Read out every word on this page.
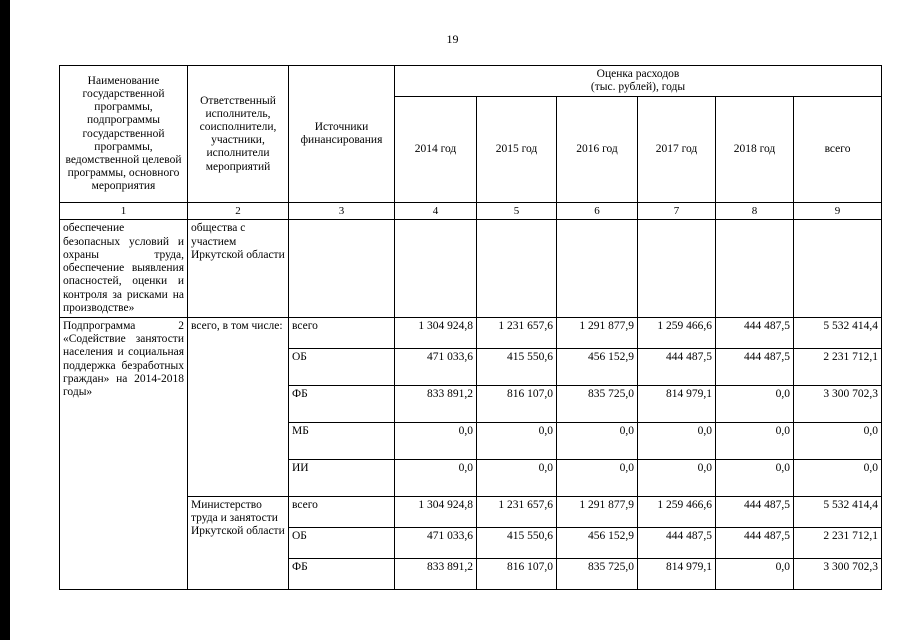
19
Наименование государственной программы, подпрограммы государственной программы, ведомственной целевой программы, основного мероприятия	Ответственный исполнитель, соисполнители, участники, исполнители мероприятий	Источники финансирования	Оценка расходов
(тыс. рублей), годы					

			2014 год	2015 год	2016 год	2017 год	2018 год	всего
1	2	3	4	5	6	7	8	9
обеспечение безопасных условий и охраны труда, обеспечение выявления опасностей, оценки и контроля за рисками на производстве»	общества с участием Иркутской области							
Подпрограмма 2 «Содействие занятости населения и социальная поддержка безработных граждан» на 2014-2018 годы»	всего, в том числе:	всего	1 304 924,8	1 231 657,6	1 291 877,9	1 259 466,6	444 487,5	5 532 414,4
		ОБ	471 033,6	415 550,6	456 152,9	444 487,5	444 487,5	2 231 712,1
		ФБ	833 891,2	816 107,0	835 725,0	814 979,1	0,0	3 300 702,3
		МБ	0,0	0,0	0,0	0,0	0,0	0,0
		ИИ	0,0	0,0	0,0	0,0	0,0	0,0
	Министерство труда и занятости Иркутской области	всего	1 304 924,8	1 231 657,6	1 291 877,9	1 259 466,6	444 487,5	5 532 414,4
		ОБ	471 033,6	415 550,6	456 152,9	444 487,5	444 487,5	2 231 712,1
		ФБ	833 891,2	816 107,0	835 725,0	814 979,1	0,0	3 300 702,3
